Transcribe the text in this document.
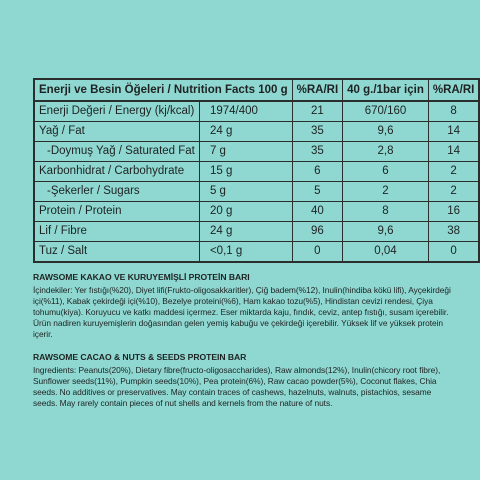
Enerji ve Besin Öğeleri / Nutrition Facts 100 g		%RA/RI	40 g./1bar için	%RA/RI
Enerji Değeri / Energy (kj/kcal)	1974/400	21	670/160	8
Yağ / Fat	24 g	35	9,6	14
-Doymuş Yağ / Saturated Fat	7 g	35	2,8	14
Karbonhidrat / Carbohydrate	15 g	6	6	2
-Şekerler / Sugars	5 g	5	2	2
Protein / Protein	20 g	40	8	16
Lif / Fibre	24 g	96	9,6	38
Tuz / Salt	<0,1 g	0	0,04	0
RAWSOME KAKAO VE KURUYEMİŞLİ PROTEİN BARI

İçindekiler: Yer fıstığı(%20), Diyet lifi(Frukto-oligosakkaritler), Çiğ badem(%12), Inulin(hindiba kökü lifi), Ayçekirdeği içi(%11), Kabak çekirdeği içi(%10), Bezelye proteini(%6), Ham kakao tozu(%5), Hindistan cevizi rendesi, Çiya tohumu(kiya). Koruyucu ve katkı maddesi içermez. Eser miktarda kaju, fındık, ceviz, antep fıstığı, susam içerebilir. Ürün nadiren kuruyemişlerin doğasından gelen yemiş kabuğu ve çekirdeği içerebilir. Yüksek lif ve yüksek protein içerir.

RAWSOME CACAO & NUTS & SEEDS PROTEIN BAR

Ingredients: Peanuts(20%), Dietary fibre(fructo-oligosaccharides), Raw almonds(12%), Inulin(chicory root fibre), Sunflower seeds(11%), Pumpkin seeds(10%), Pea protein(6%), Raw cacao powder(5%), Coconut flakes, Chia seeds. No additives or preservatives. May contain traces of cashews, hazelnuts, walnuts, pistachios, sesame seeds. May rarely contain pieces of nut shells and kernels from the nature of nuts.
